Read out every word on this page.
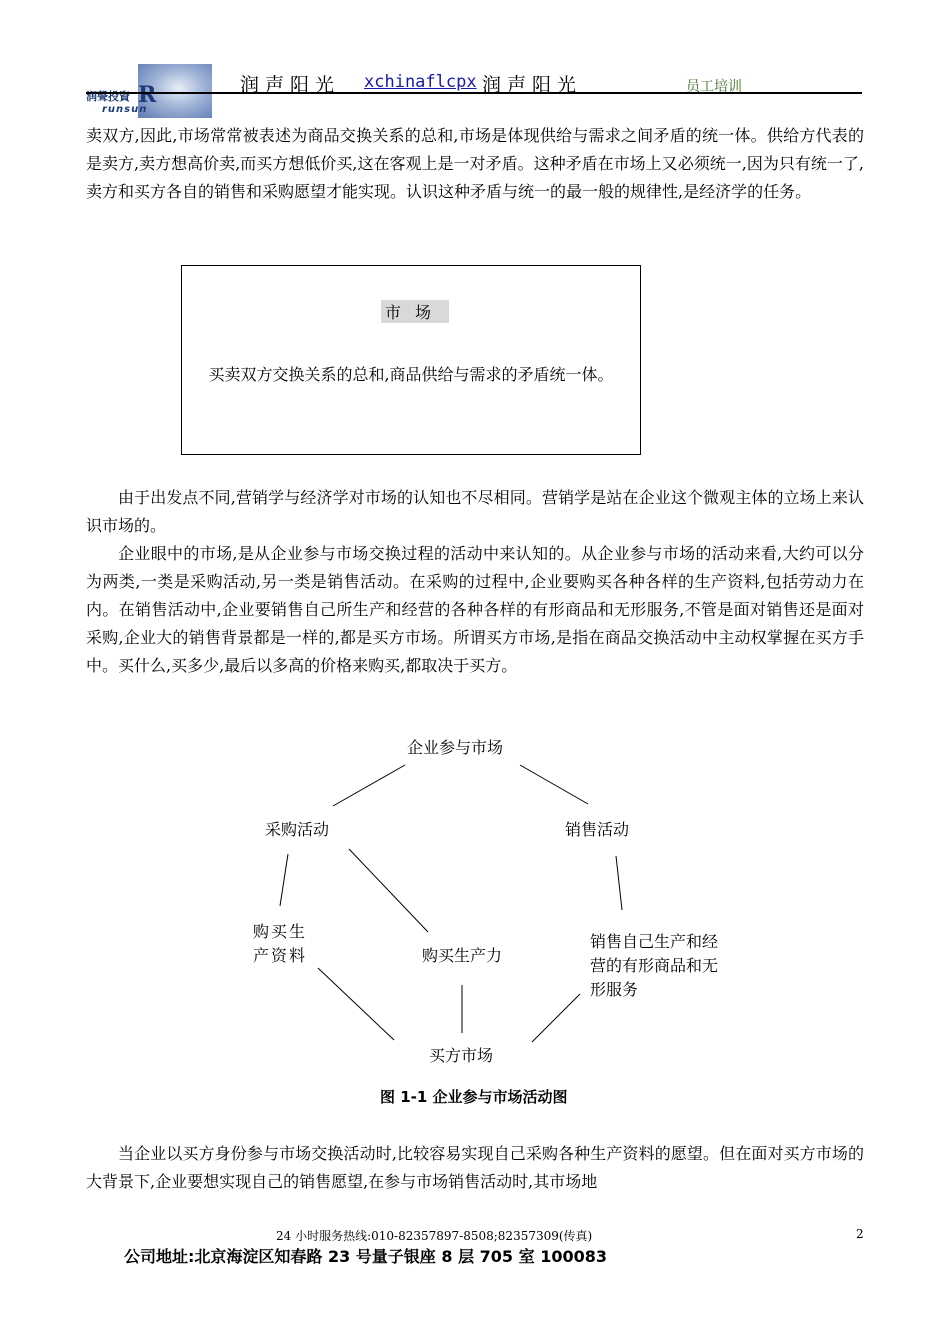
润聲投資 R
runsun
润声阳光 xchinaflcpx 润声阳光	员工培训

卖双方,因此,市场常常被表述为商品交换关系的总和,市场是体现供给与需求之间矛盾的统一体。供给方代表的是卖方,卖方想高价卖,而买方想低价买,这在客观上是一对矛盾。这种矛盾在市场上又必须统一,因为只有统一了,卖方和买方各自的销售和采购愿望才能实现。认识这种矛盾与统一的最一般的规律性,是经济学的任务。

市场

买卖双方交换关系的总和,商品供给与需求的矛盾统一体。

由于出发点不同,营销学与经济学对市场的认知也不尽相同。营销学是站在企业这个微观主体的立场上来认识市场的。

企业眼中的市场,是从企业参与市场交换过程的活动中来认知的。从企业参与市场的活动来看,大约可以分为两类,一类是采购活动,另一类是销售活动。在采购的过程中,企业要购买各种各样的生产资料,包括劳动力在内。在销售活动中,企业要销售自己所生产和经营的各种各样的有形商品和无形服务,不管是面对销售还是面对采购,企业大的销售背景都是一样的,都是买方市场。所谓买方市场,是指在商品交换活动中主动权掌握在买方手中。买什么,买多少,最后以多高的价格来购买,都取决于买方。

企业参与市场
采购活动	销售活动
购买生产资料	购买生产力
销售自己生产和经营的有形商品和无形服务
买方市场
图 1-1 企业参与市场活动图

当企业以买方身份参与市场交换活动时,比较容易实现自己采购各种生产资料的愿望。但在面对买方市场的大背景下,企业要想实现自己的销售愿望,在参与市场销售活动时,其市场地

24 小时服务热线:010-82357897-8508;82357309(传真)	2
公司地址:北京海淀区知春路 23 号量子银座 8 层 705 室 100083
